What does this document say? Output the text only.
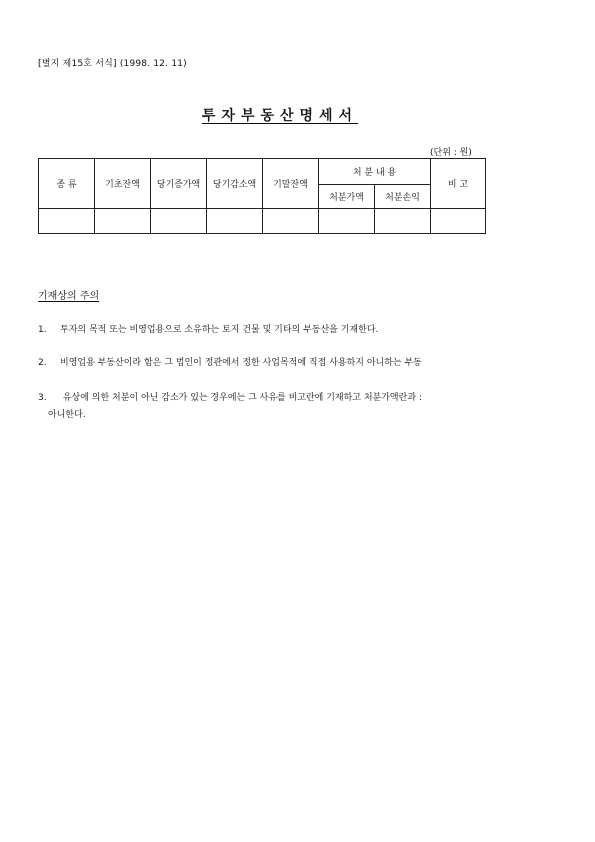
[별지 제15호 서식] (1998. 12. 11)
투자부동산명세서
(단위 : 원)
종 류	기초잔액	당기증가액	당기감소액	기말잔액	처 분 내 용		비 고
					처분가액	처분손익	

기재상의 주의
1. 투자의 목적 또는 비영업용으로 소유하는 토지 건물 및 기타의 부동산을 기재한다.
2. 비영업용 부동산이라 함은 그 법인이 정관에서 정한 사업목적에 직접 사용하지 아니하는 부동
3. 유상에 의한 처분이 아닌 감소가 있는 경우에는 그 사유를 비고란에 기재하고 처분가액란과 :
아니한다.
